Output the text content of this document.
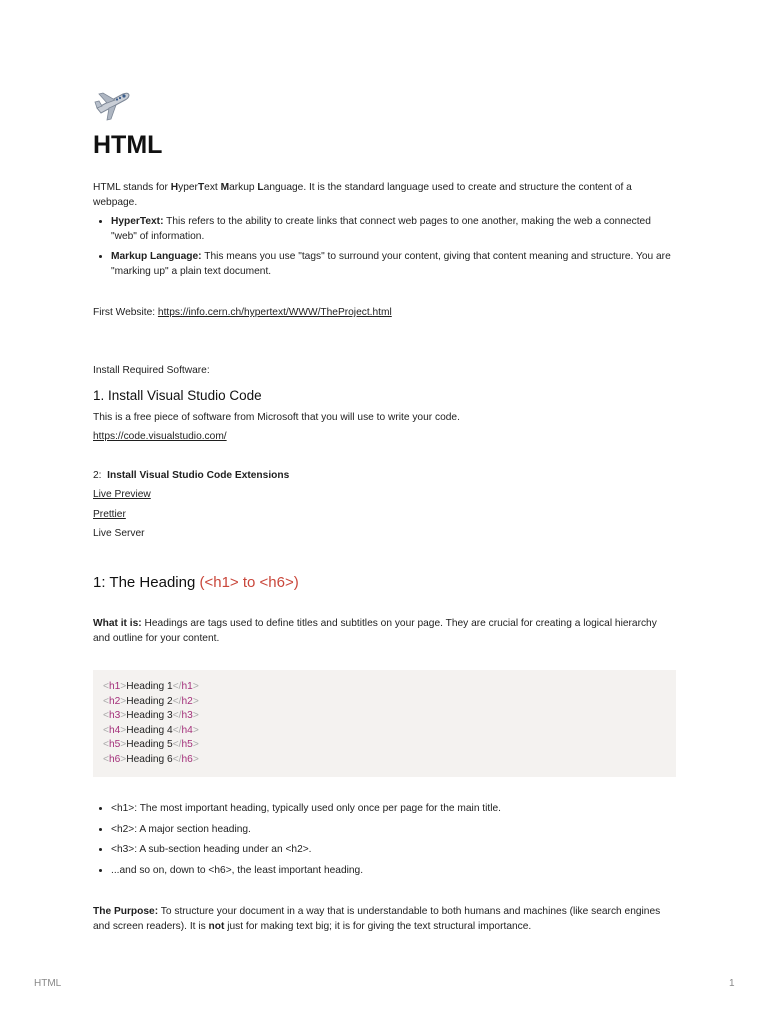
HTML

HTML stands for HyperText Markup Language. It is the standard language used to create and structure the content of a webpage.

• HyperText: This refers to the ability to create links that connect web pages to one another, making the web a connected "web" of information.
• Markup Language: This means you use "tags" to surround your content, giving that content meaning and structure. You are "marking up" a plain text document.

First Website: https://info.cern.ch/hypertext/WWW/TheProject.html

Install Required Software:

1. Install Visual Studio Code

This is a free piece of software from Microsoft that you will use to write your code.

https://code.visualstudio.com/

2: Install Visual Studio Code Extensions

Live Preview

Prettier

Live Server

1: The Heading (<h1> to <h6>)

What it is: Headings are tags used to define titles and subtitles on your page. They are crucial for creating a logical hierarchy and outline for your content.

<h1>Heading 1</h1>
<h2>Heading 2</h2>
<h3>Heading 3</h3>
<h4>Heading 4</h4>
<h5>Heading 5</h5>
<h6>Heading 6</h6>
• <h1>: The most important heading, typically used only once per page for the main title.
• <h2>: A major section heading.
• <h3>: A sub-section heading under an <h2>.
• ...and so on, down to <h6>, the least important heading.

The Purpose: To structure your document in a way that is understandable to both humans and machines (like search engines and screen readers). It is not just for making text big; it is for giving the text structural importance.

HTML	1
